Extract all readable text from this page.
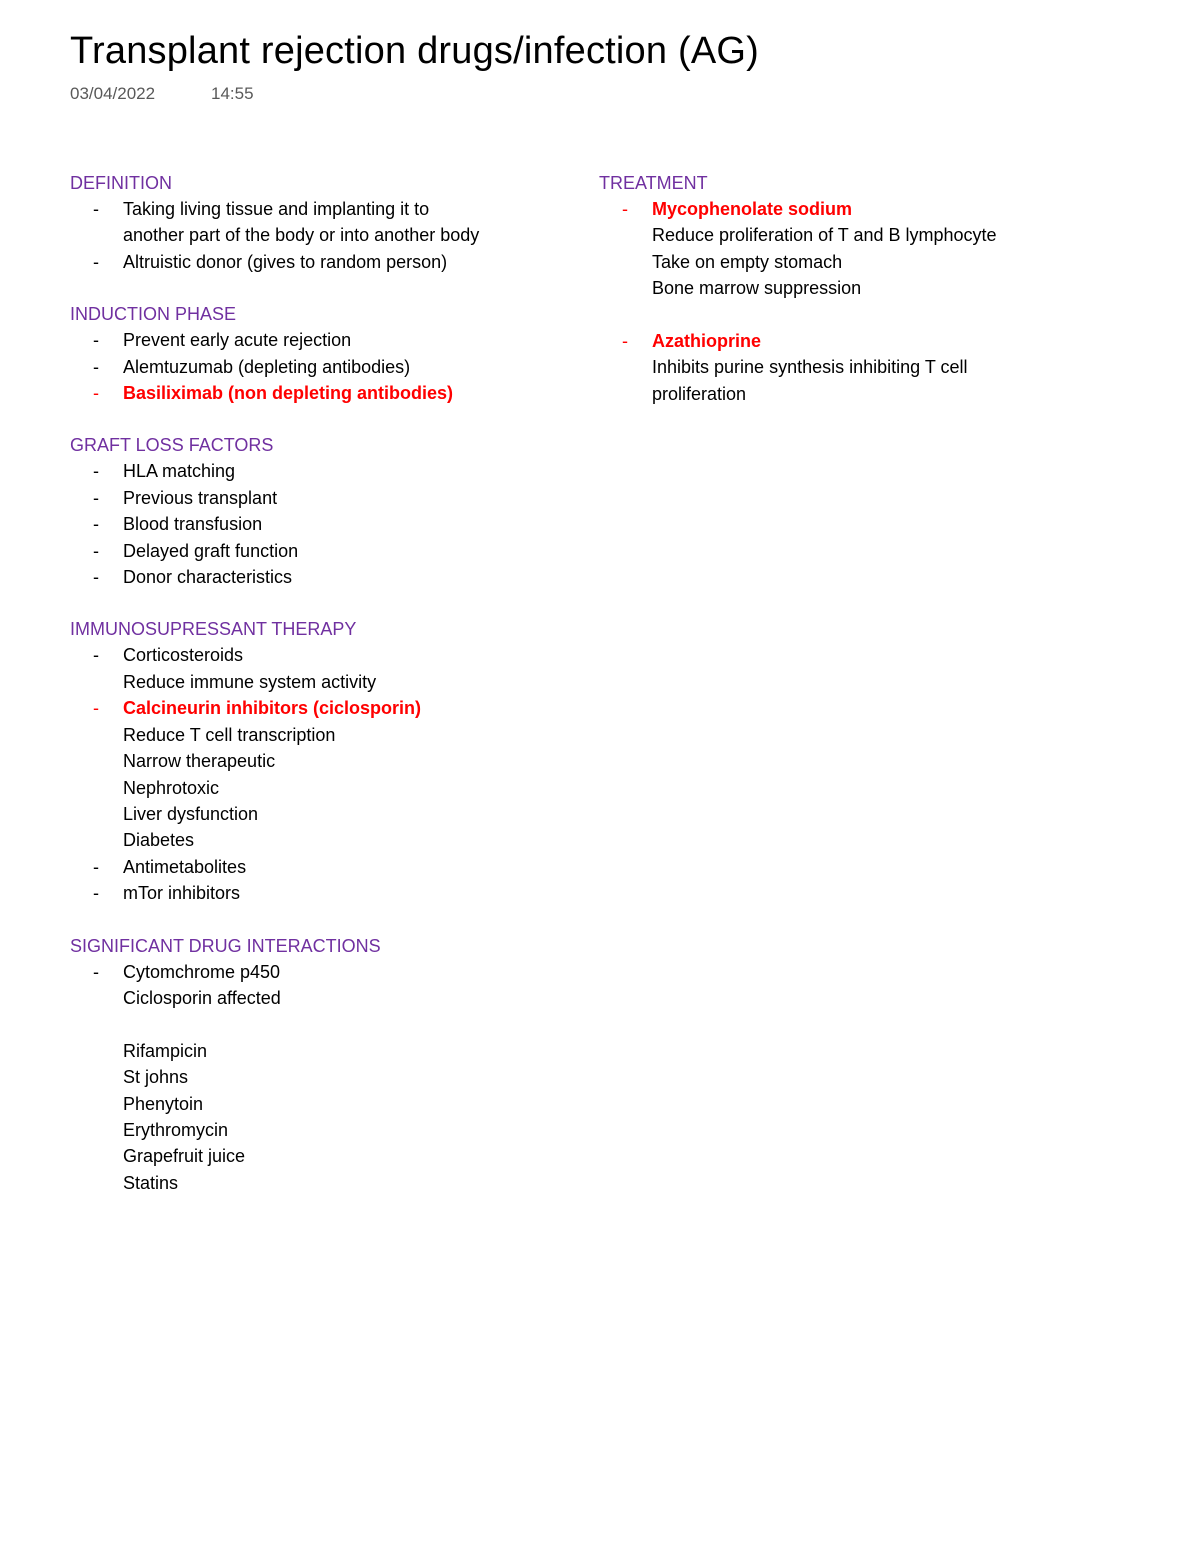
Transplant rejection drugs/infection (AG)
03/04/2022	14:55
DEFINITION
-	Taking living tissue and implanting it to
another part of the body or into another body
-	Altruistic donor (gives to random person)
INDUCTION PHASE
-	Prevent early acute rejection
-	Alemtuzumab (depleting antibodies)
-	Basiliximab (non depleting antibodies)
GRAFT LOSS FACTORS
-	HLA matching
-	Previous transplant
-	Blood transfusion
-	Delayed graft function
-	Donor characteristics
IMMUNOSUPRESSANT THERAPY
-	Corticosteroids
Reduce immune system activity
-	Calcineurin inhibitors (ciclosporin)
Reduce T cell transcription
Narrow therapeutic
Nephrotoxic
Liver dysfunction
Diabetes
-	Antimetabolites
-	mTor inhibitors
SIGNIFICANT DRUG INTERACTIONS
-	Cytomchrome p450
Ciclosporin affected
Rifampicin
St johns
Phenytoin
Erythromycin
Grapefruit juice
Statins
TREATMENT
-	Mycophenolate sodium
Reduce proliferation of T and B lymphocyte
Take on empty stomach
Bone marrow suppression
-	Azathioprine
Inhibits purine synthesis inhibiting T cell
proliferation
